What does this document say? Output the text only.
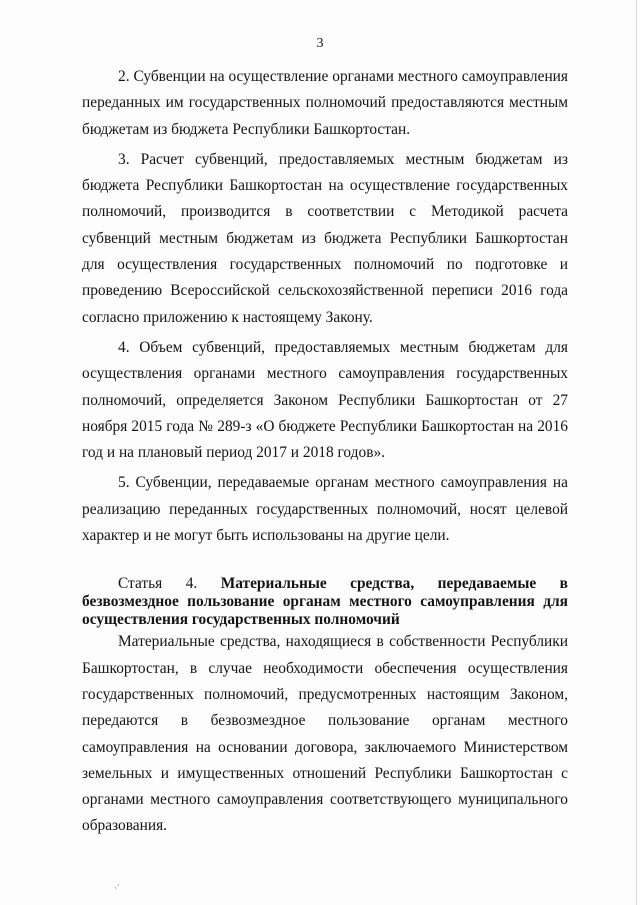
3

2. Субвенции на осуществление органами местного самоуправления переданных им государственных полномочий предоставляются местным бюджетам из бюджета Республики Башкортостан.

3. Расчет субвенций, предоставляемых местным бюджетам из бюджета Республики Башкортостан на осуществление государственных полномочий, производится в соответствии с Методикой расчета субвенций местным бюджетам из бюджета Республики Башкортостан для осуществления государственных полномочий по подготовке и проведению Всероссийской сельскохозяйственной переписи 2016 года согласно приложению к настоящему Закону.

4. Объем субвенций, предоставляемых местным бюджетам для осуществления органами местного самоуправления государственных полномочий, определяется Законом Республики Башкортостан от 27 ноября 2015 года № 289-з «О бюджете Республики Башкортостан на 2016 год и на плановый период 2017 и 2018 годов».

5. Субвенции, передаваемые органам местного самоуправления на реализацию переданных государственных полномочий, носят целевой характер и не могут быть использованы на другие цели.

Статья 4. Материальные средства, передаваемые в безвозмездное пользование органам местного самоуправления для осуществления государственных полномочий

Материальные средства, находящиеся в собственности Республики Башкортостан, в случае необходимости обеспечения осуществления государственных полномочий, предусмотренных настоящим Законом, передаются в безвозмездное пользование органам местного самоуправления на основании договора, заключаемого Министерством земельных и имущественных отношений Республики Башкортостан с органами местного самоуправления соответствующего муниципального образования.

·´
